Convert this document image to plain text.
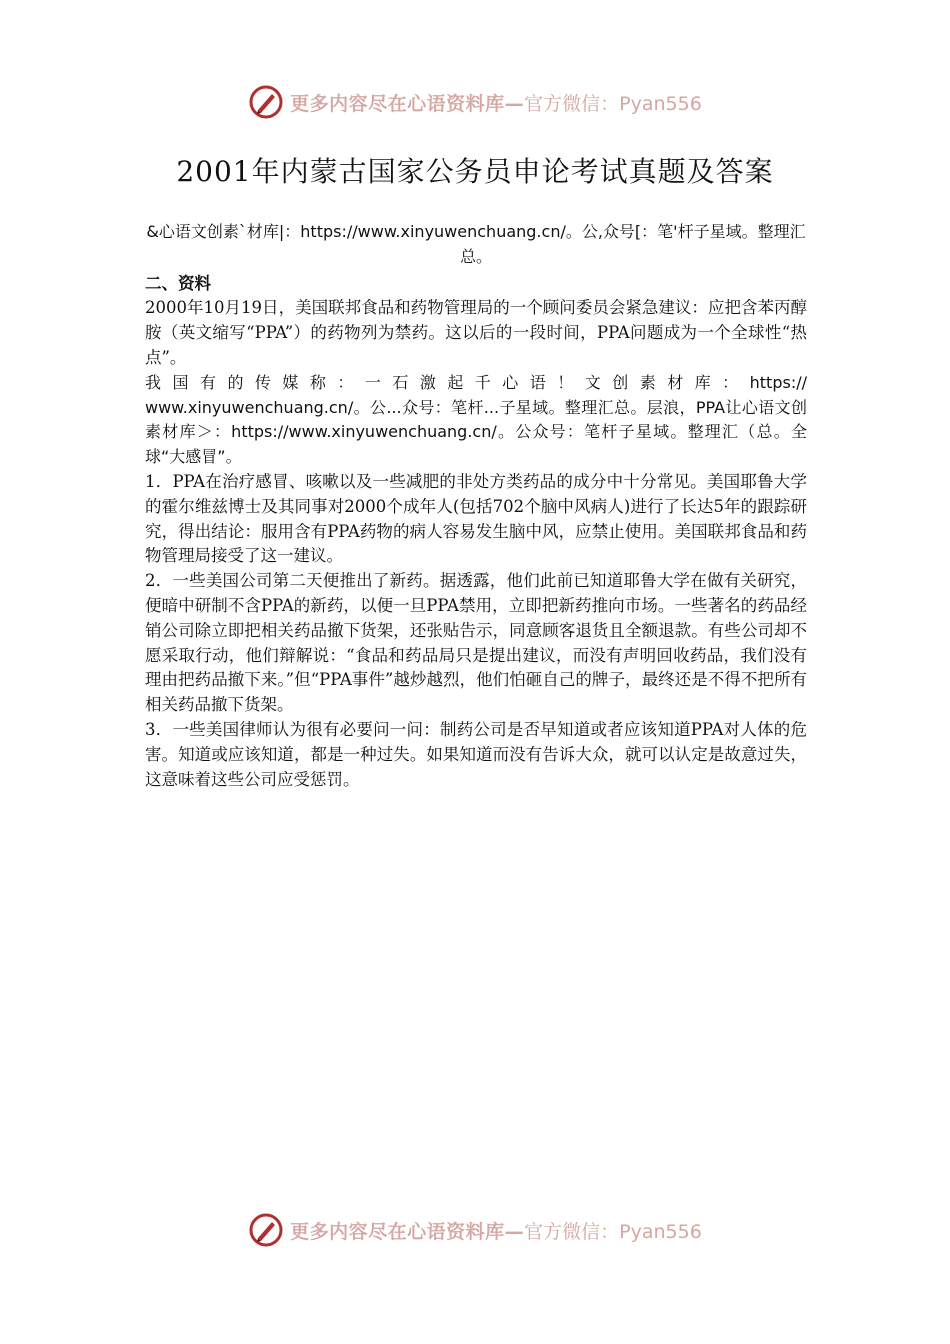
更多内容尽在心语资料库— 官方微信：Pyan556
2001年内蒙古国家公务员申论考试真题及答案

&心语文创素`材库|：https://www.xinyuwenchuang.cn/。公,众号[：笔'杆子星域。整理汇总。

二、资料

2000年10月19日，美国联邦食品和药物管理局的一个顾问委员会紧急建议：应把含苯丙醇胺（英文缩写“PPA”）的药物列为禁药。这以后的一段时间，PPA问题成为一个全球性“热点”。

我 国 有 的 传 媒 称 ： 一 石 激 起 千 心 语 ！ 文 创 素 材 库 ： https://

www.xinyuwenchuang.cn/。公...众号：笔杆...子星域。整理汇总。层浪，PPA让心语文创素材库＞：https://www.xinyuwenchuang.cn/。公众号：笔杆子星域。整理汇（总。全球“大感冒”。

1．PPA在治疗感冒、咳嗽以及一些减肥的非处方类药品的成分中十分常见。美国耶鲁大学的霍尔维兹博士及其同事对2000个成年人(包括702个脑中风病人)进行了长达5年的跟踪研究，得出结论：服用含有PPA药物的病人容易发生脑中风，应禁止使用。美国联邦食品和药物管理局接受了这一建议。

2．一些美国公司第二天便推出了新药。据透露，他们此前已知道耶鲁大学在做有关研究，便暗中研制不含PPA的新药，以便一旦PPA禁用，立即把新药推向市场。一些著名的药品经销公司除立即把相关药品撤下货架，还张贴告示，同意顾客退货且全额退款。有些公司却不愿采取行动，他们辩解说：“食品和药品局只是提出建议，而没有声明回收药品，我们没有理由把药品撤下来。”但“PPA事件”越炒越烈，他们怕砸自己的牌子，最终还是不得不把所有相关药品撤下货架。

3．一些美国律师认为很有必要问一问：制药公司是否早知道或者应该知道PPA对人体的危害。知道或应该知道，都是一种过失。如果知道而没有告诉大众，就可以认定是故意过失，这意味着这些公司应受惩罚。

更多内容尽在心语资料库— 官方微信：Pyan556
